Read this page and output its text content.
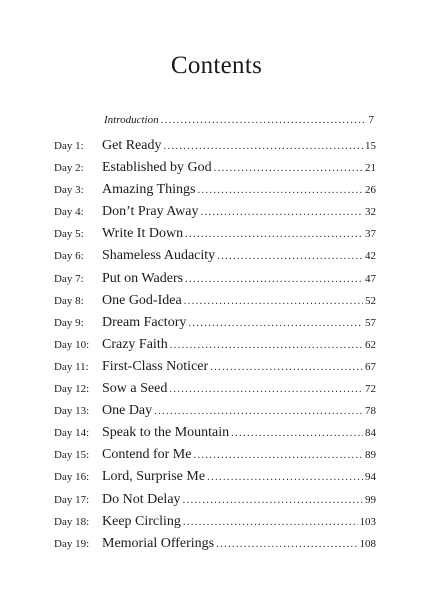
Contents
Introduction .....	7
Day 1:	Get Ready .....	15
Day 2:	Established by God .....	21
Day 3:	Amazing Things .....	26
Day 4:	Don’t Pray Away .....	32
Day 5:	Write It Down .....	37
Day 6:	Shameless Audacity .....	42
Day 7:	Put on Waders .....	47
Day 8:	One God-Idea .....	52
Day 9:	Dream Factory .....	57
Day 10: Crazy Faith .....	62
Day 11: First-Class Noticer .....	67
Day 12: Sow a Seed .....	72
Day 13: One Day .....	78
Day 14: Speak to the Mountain .....	84
Day 15: Contend for Me .....	89
Day 16: Lord, Surprise Me .....	94
Day 17: Do Not Delay .....	99
Day 18: Keep Circling .....	103
Day 19: Memorial Offerings .....	108
